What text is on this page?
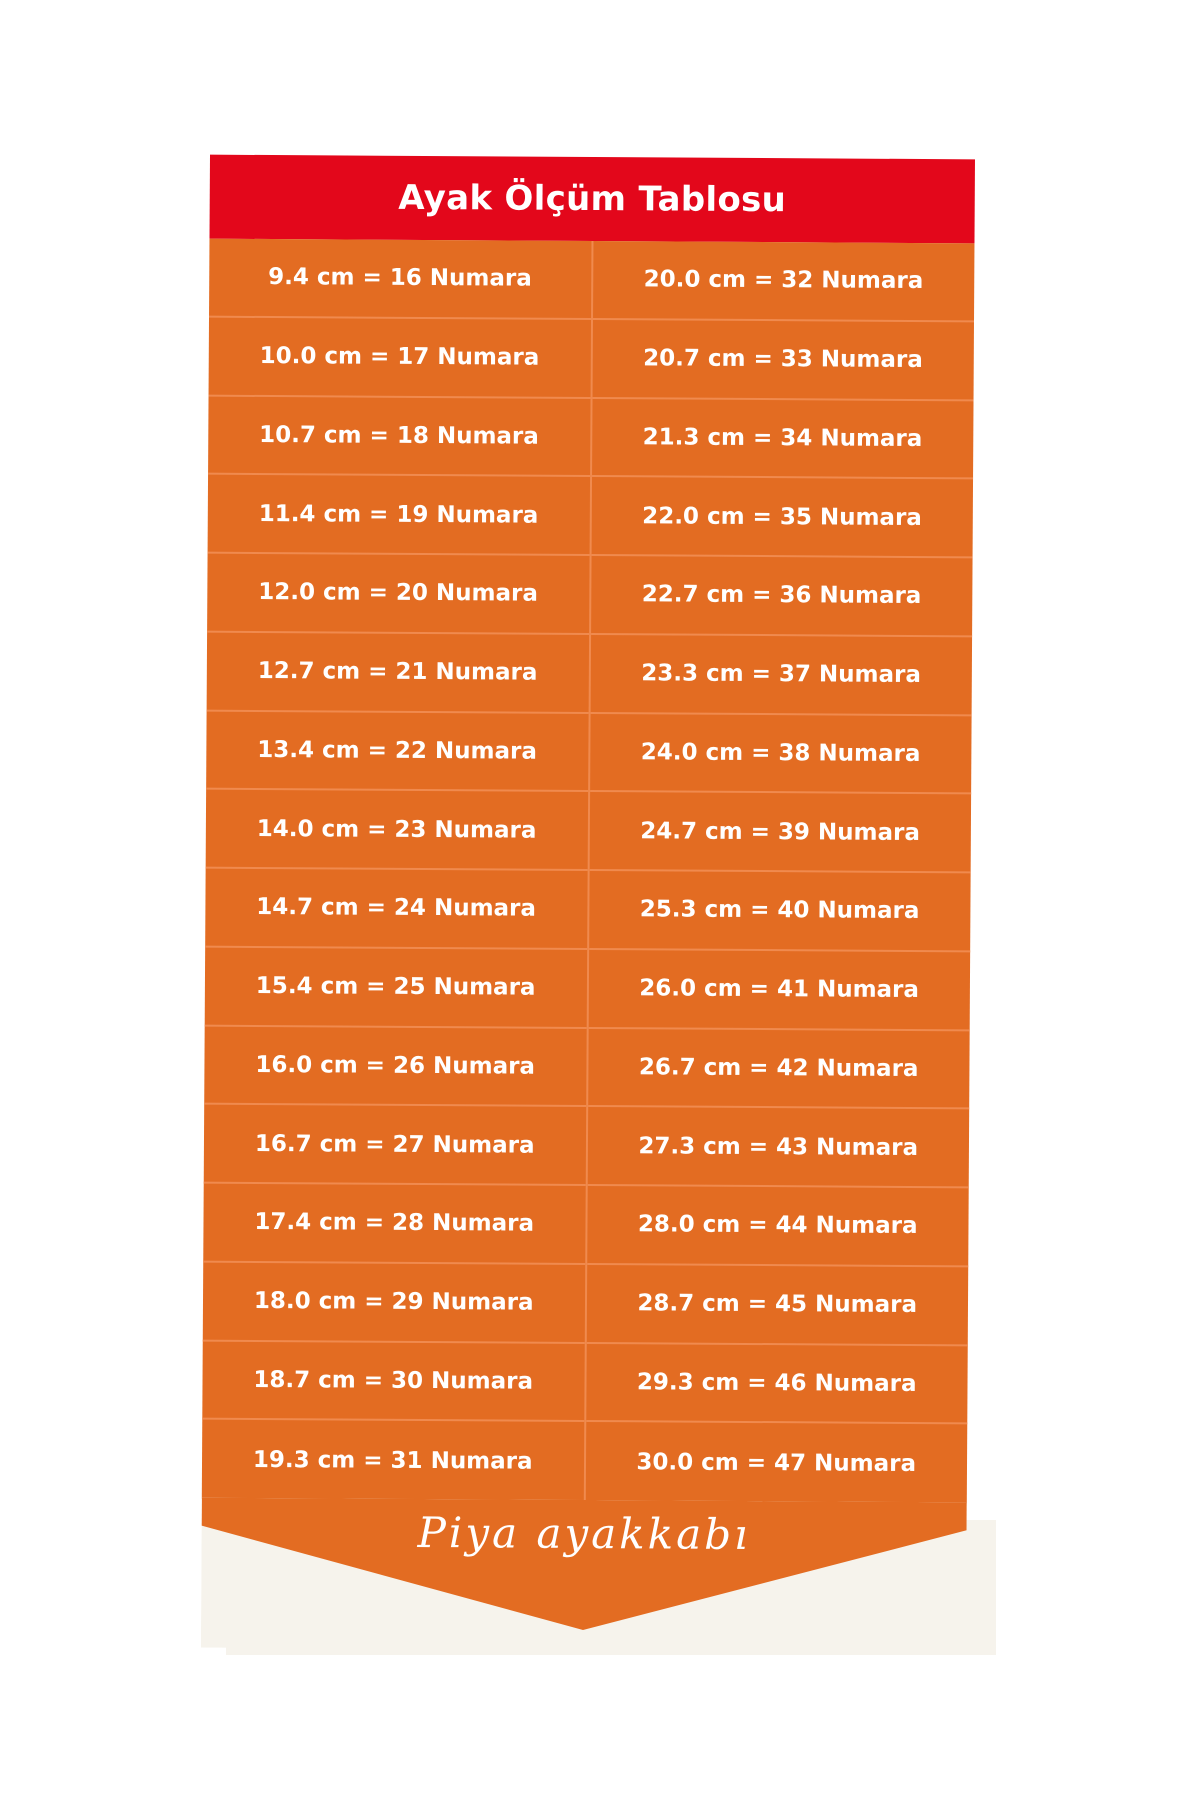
Ayak Ölçüm Tablosu
9.4 cm = 16 Numara
10.0 cm = 17 Numara
10.7 cm = 18 Numara
11.4 cm = 19 Numara
12.0 cm = 20 Numara
12.7 cm = 21 Numara
13.4 cm = 22 Numara
14.0 cm = 23 Numara
14.7 cm = 24 Numara
15.4 cm = 25 Numara
16.0 cm = 26 Numara
16.7 cm = 27 Numara
17.4 cm = 28 Numara
18.0 cm = 29 Numara
18.7 cm = 30 Numara
19.3 cm = 31 Numara
20.0 cm = 32 Numara
20.7 cm = 33 Numara
21.3 cm = 34 Numara
22.0 cm = 35 Numara
22.7 cm = 36 Numara
23.3 cm = 37 Numara
24.0 cm = 38 Numara
24.7 cm = 39 Numara
25.3 cm = 40 Numara
26.0 cm = 41 Numara
26.7 cm = 42 Numara
27.3 cm = 43 Numara
28.0 cm = 44 Numara
28.7 cm = 45 Numara
29.3 cm = 46 Numara
30.0 cm = 47 Numara
Piya ayakkabı
